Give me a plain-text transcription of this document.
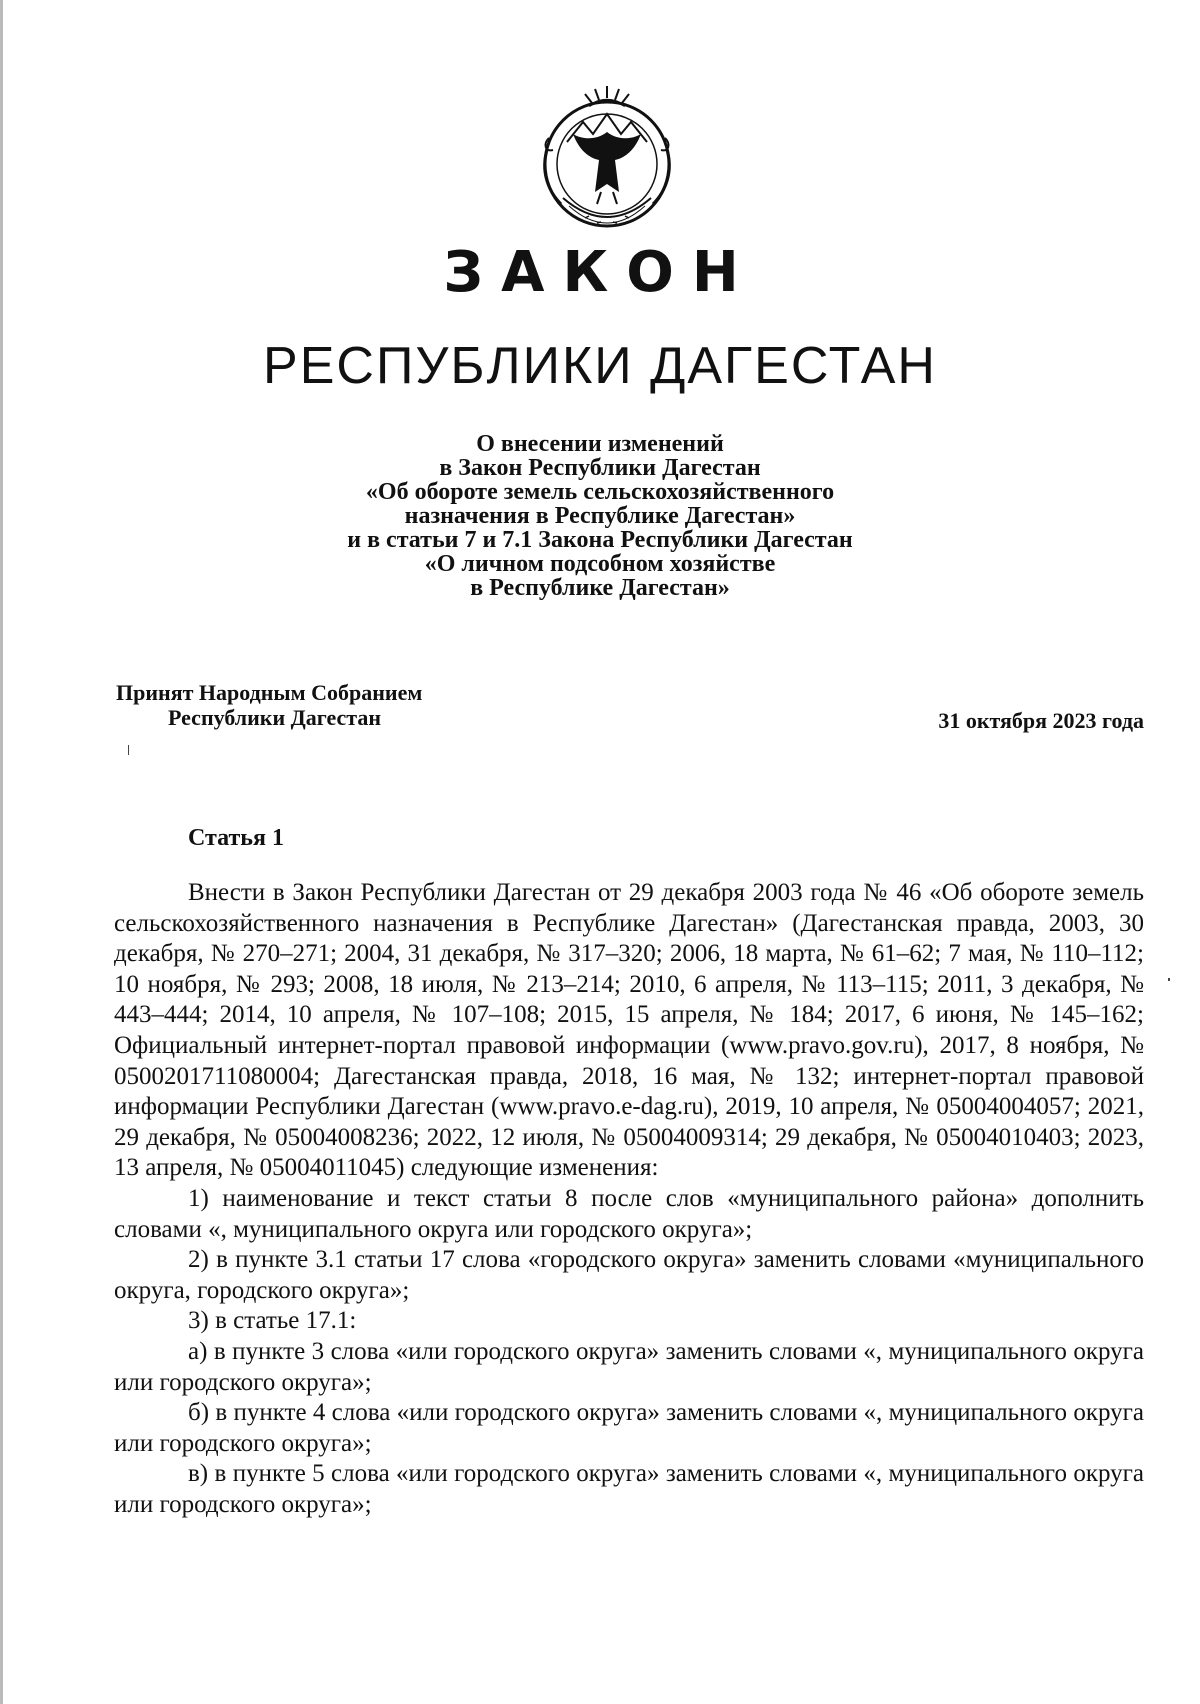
ЗАКОН
РЕСПУБЛИКИ ДАГЕСТАН
О внесении изменений
в Закон Республики Дагестан
«Об обороте земель сельскохозяйственного
назначения в Республике Дагестан»
и в статьи 7 и 7.1 Закона Республики Дагестан
«О личном подсобном хозяйстве
в Республике Дагестан»
Принят Народным Собранием
Республики Дагестан	31 октября 2023 года
Статья 1

Внести в Закон Республики Дагестан от 29 декабря 2003 года № 46 «Об обороте земель сельскохозяйственного назначения в Республике Дагестан» (Дагестанская правда, 2003, 30 декабря, № 270–271; 2004, 31 декабря, № 317–320; 2006, 18 марта, № 61–62; 7 мая, № 110–112; 10 ноября, № 293; 2008, 18 июля, № 213–214; 2010, 6 апреля, № 113–115; 2011, 3 декабря, № 443–444; 2014, 10 апреля, № 107–108; 2015, 15 апреля, № 184; 2017, 6 июня, № 145–162; Официальный интернет-портал правовой информации (www.pravo.gov.ru), 2017, 8 ноября, № 0500201711080004; Дагестанская правда, 2018, 16 мая, № 132; интернет-портал правовой информации Республики Дагестан (www.pravo.e-dag.ru), 2019, 10 апреля, № 05004004057; 2021, 29 декабря, № 05004008236; 2022, 12 июля, № 05004009314; 29 декабря, № 05004010403; 2023, 13 апреля, № 05004011045) следующие изменения:

1) наименование и текст статьи 8 после слов «муниципального района» дополнить словами «, муниципального округа или городского округа»;

2) в пункте 3.1 статьи 17 слова «городского округа» заменить словами «муниципального округа, городского округа»;

3) в статье 17.1:

а) в пункте 3 слова «или городского округа» заменить словами «, муниципального округа или городского округа»;

б) в пункте 4 слова «или городского округа» заменить словами «, муниципального округа или городского округа»;

в) в пункте 5 слова «или городского округа» заменить словами «, муниципального округа или городского округа»;
